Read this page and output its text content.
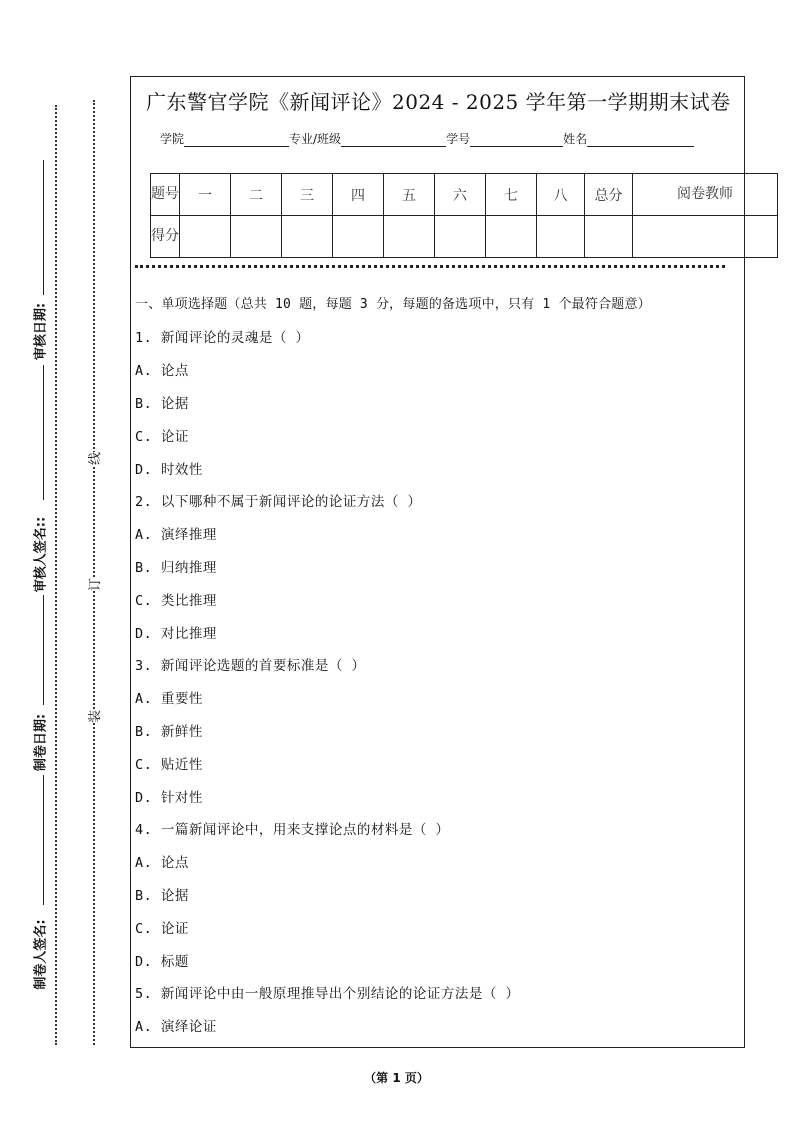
审核日期:
审核人签名::
制卷日期:
制卷人签名:
线
订
装
广东警官学院《新闻评论》2024 - 2025 学年第一学期期末试卷
学院	专业/班级	学号	姓名
题号	一	二	三	四	五	六	七	八	总分	阅卷教师
得分										
一、单项选择题（总共 10 题，每题 3 分，每题的备选项中，只有 1 个最符合题意）
1. 新闻评论的灵魂是（ ）
A. 论点
B. 论据
C. 论证
D. 时效性
2. 以下哪种不属于新闻评论的论证方法（ ）
A. 演绎推理
B. 归纳推理
C. 类比推理
D. 对比推理
3. 新闻评论选题的首要标准是（ ）
A. 重要性
B. 新鲜性
C. 贴近性
D. 针对性
4. 一篇新闻评论中，用来支撑论点的材料是（ ）
A. 论点
B. 论据
C. 论证
D. 标题
5. 新闻评论中由一般原理推导出个别结论的论证方法是（ ）
A. 演绎论证
（第 1 页）
